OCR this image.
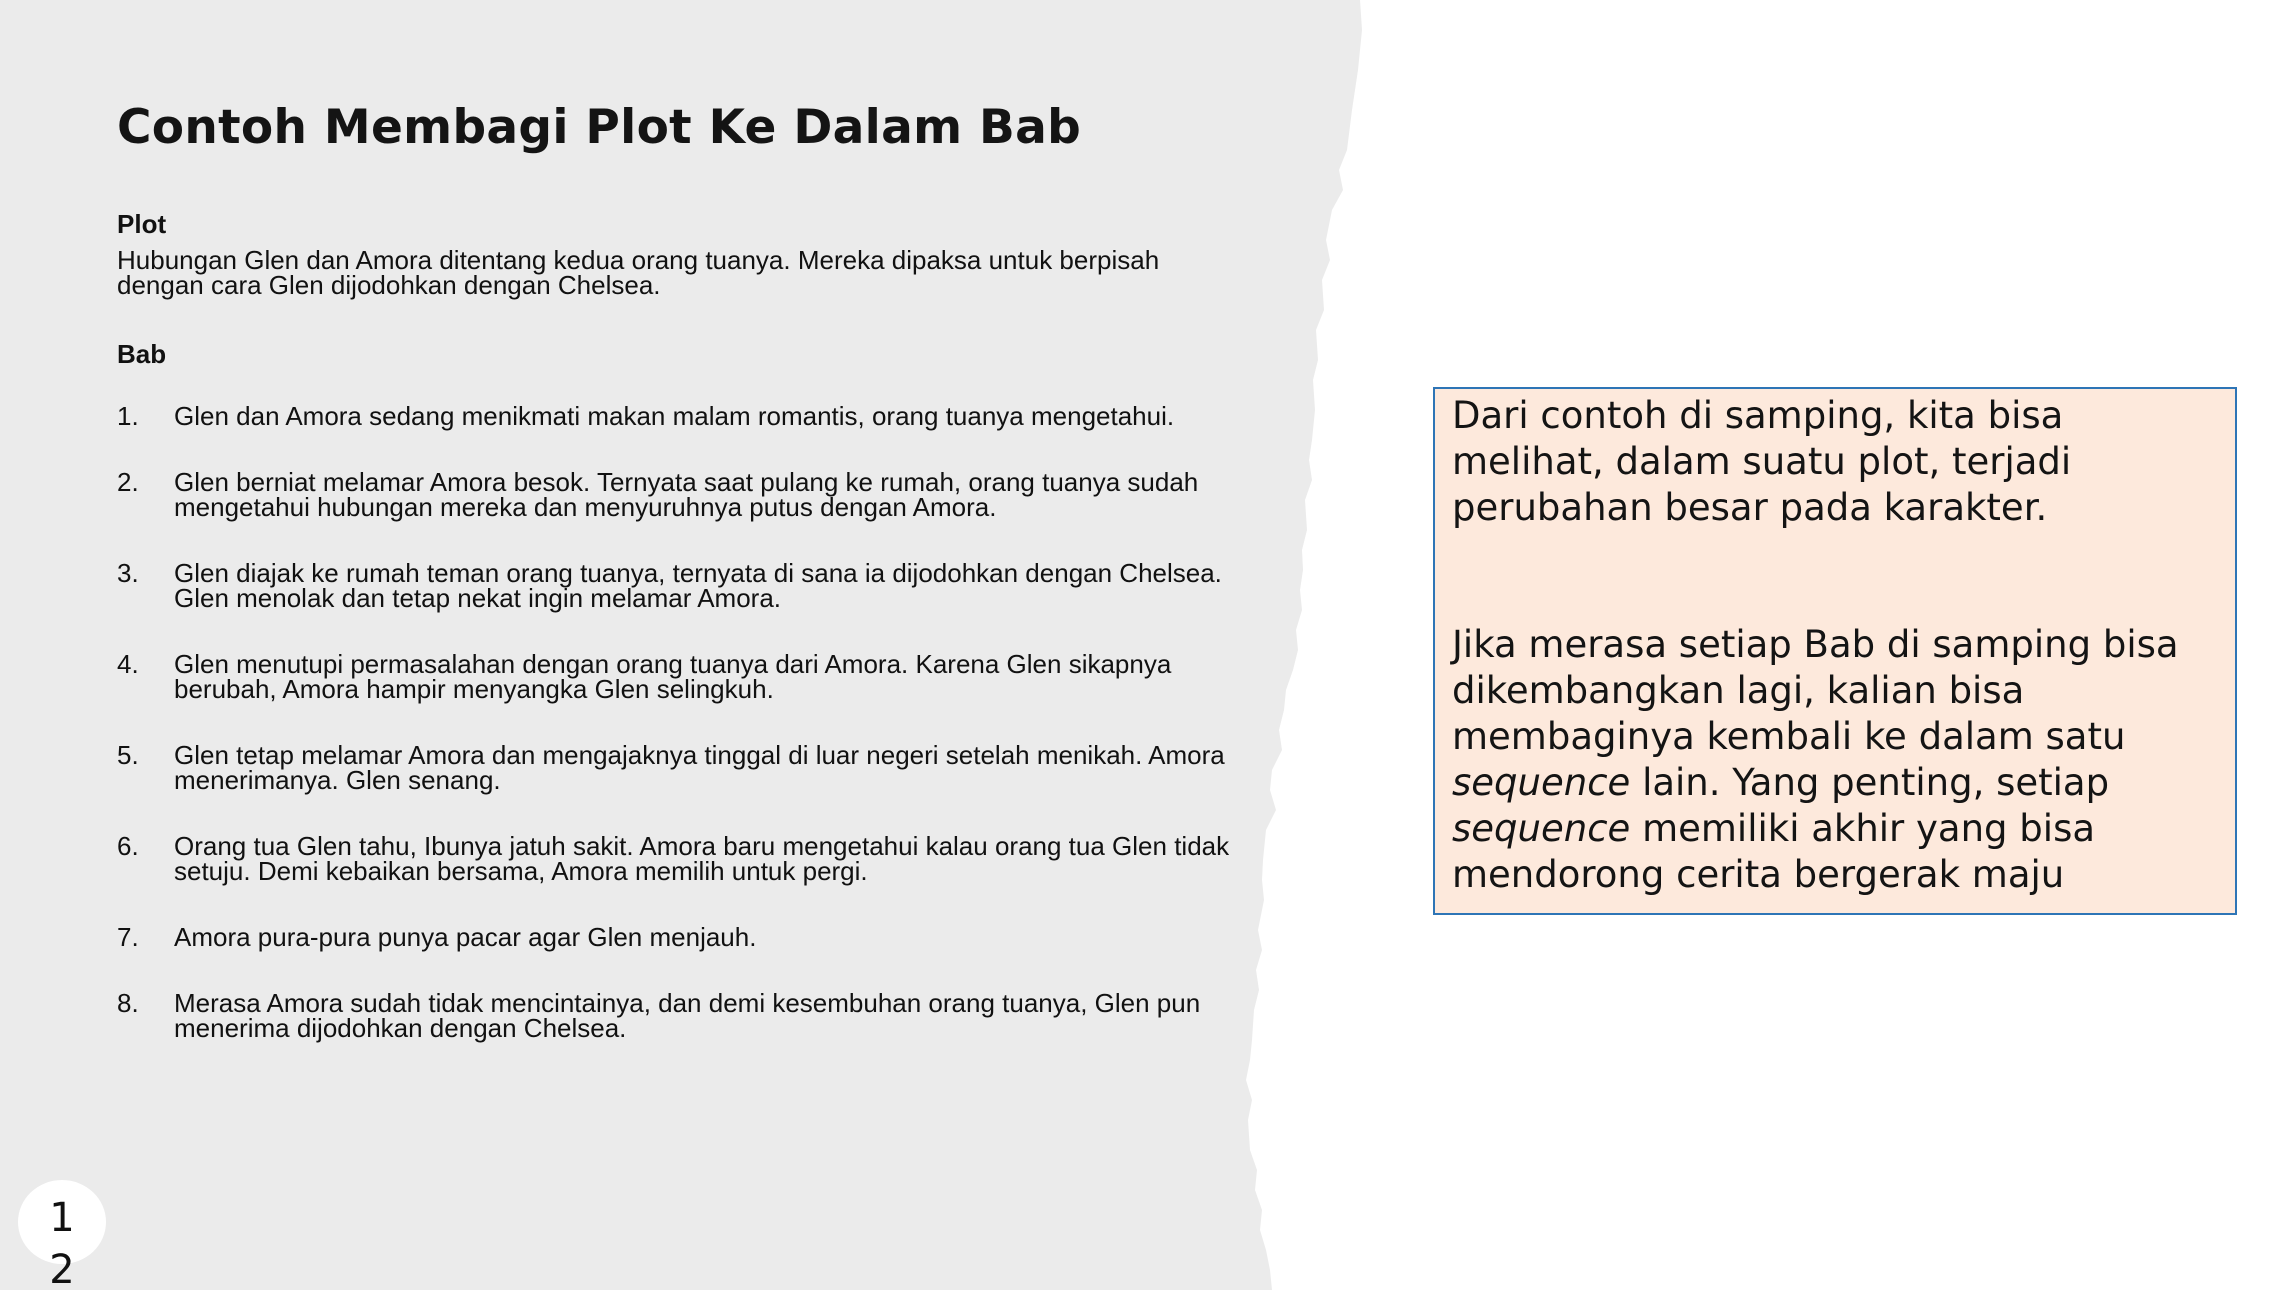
Contoh Membagi Plot Ke Dalam Bab
Plot
Hubungan Glen dan Amora ditentang kedua orang tuanya. Mereka dipaksa untuk berpisah dengan cara Glen dijodohkan dengan Chelsea.
Bab
1.	Glen dan Amora sedang menikmati makan malam romantis, orang tuanya mengetahui.
2.	Glen berniat melamar Amora besok. Ternyata saat pulang ke rumah, orang tuanya sudah mengetahui hubungan mereka dan menyuruhnya putus dengan Amora.
3.	Glen diajak ke rumah teman orang tuanya, ternyata di sana ia dijodohkan dengan Chelsea. Glen menolak dan tetap nekat ingin melamar Amora.
4.	Glen menutupi permasalahan dengan orang tuanya dari Amora. Karena Glen sikapnya berubah, Amora hampir menyangka Glen selingkuh.
5.	Glen tetap melamar Amora dan mengajaknya tinggal di luar negeri setelah menikah. Amora menerimanya. Glen senang.
6.	Orang tua Glen tahu, Ibunya jatuh sakit. Amora baru mengetahui kalau orang tua Glen tidak setuju. Demi kebaikan bersama, Amora memilih untuk pergi.
7.	Amora pura-pura punya pacar agar Glen menjauh.
8.	Merasa Amora sudah tidak mencintainya, dan demi kesembuhan orang tuanya, Glen pun menerima dijodohkan dengan Chelsea.

Dari contoh di samping, kita bisa melihat, dalam suatu plot, terjadi perubahan besar pada karakter.

Jika merasa setiap Bab di samping bisa dikembangkan lagi, kalian bisa membaginya kembali ke dalam satu sequence lain. Yang penting, setiap sequence memiliki akhir yang bisa mendorong cerita bergerak maju

12
